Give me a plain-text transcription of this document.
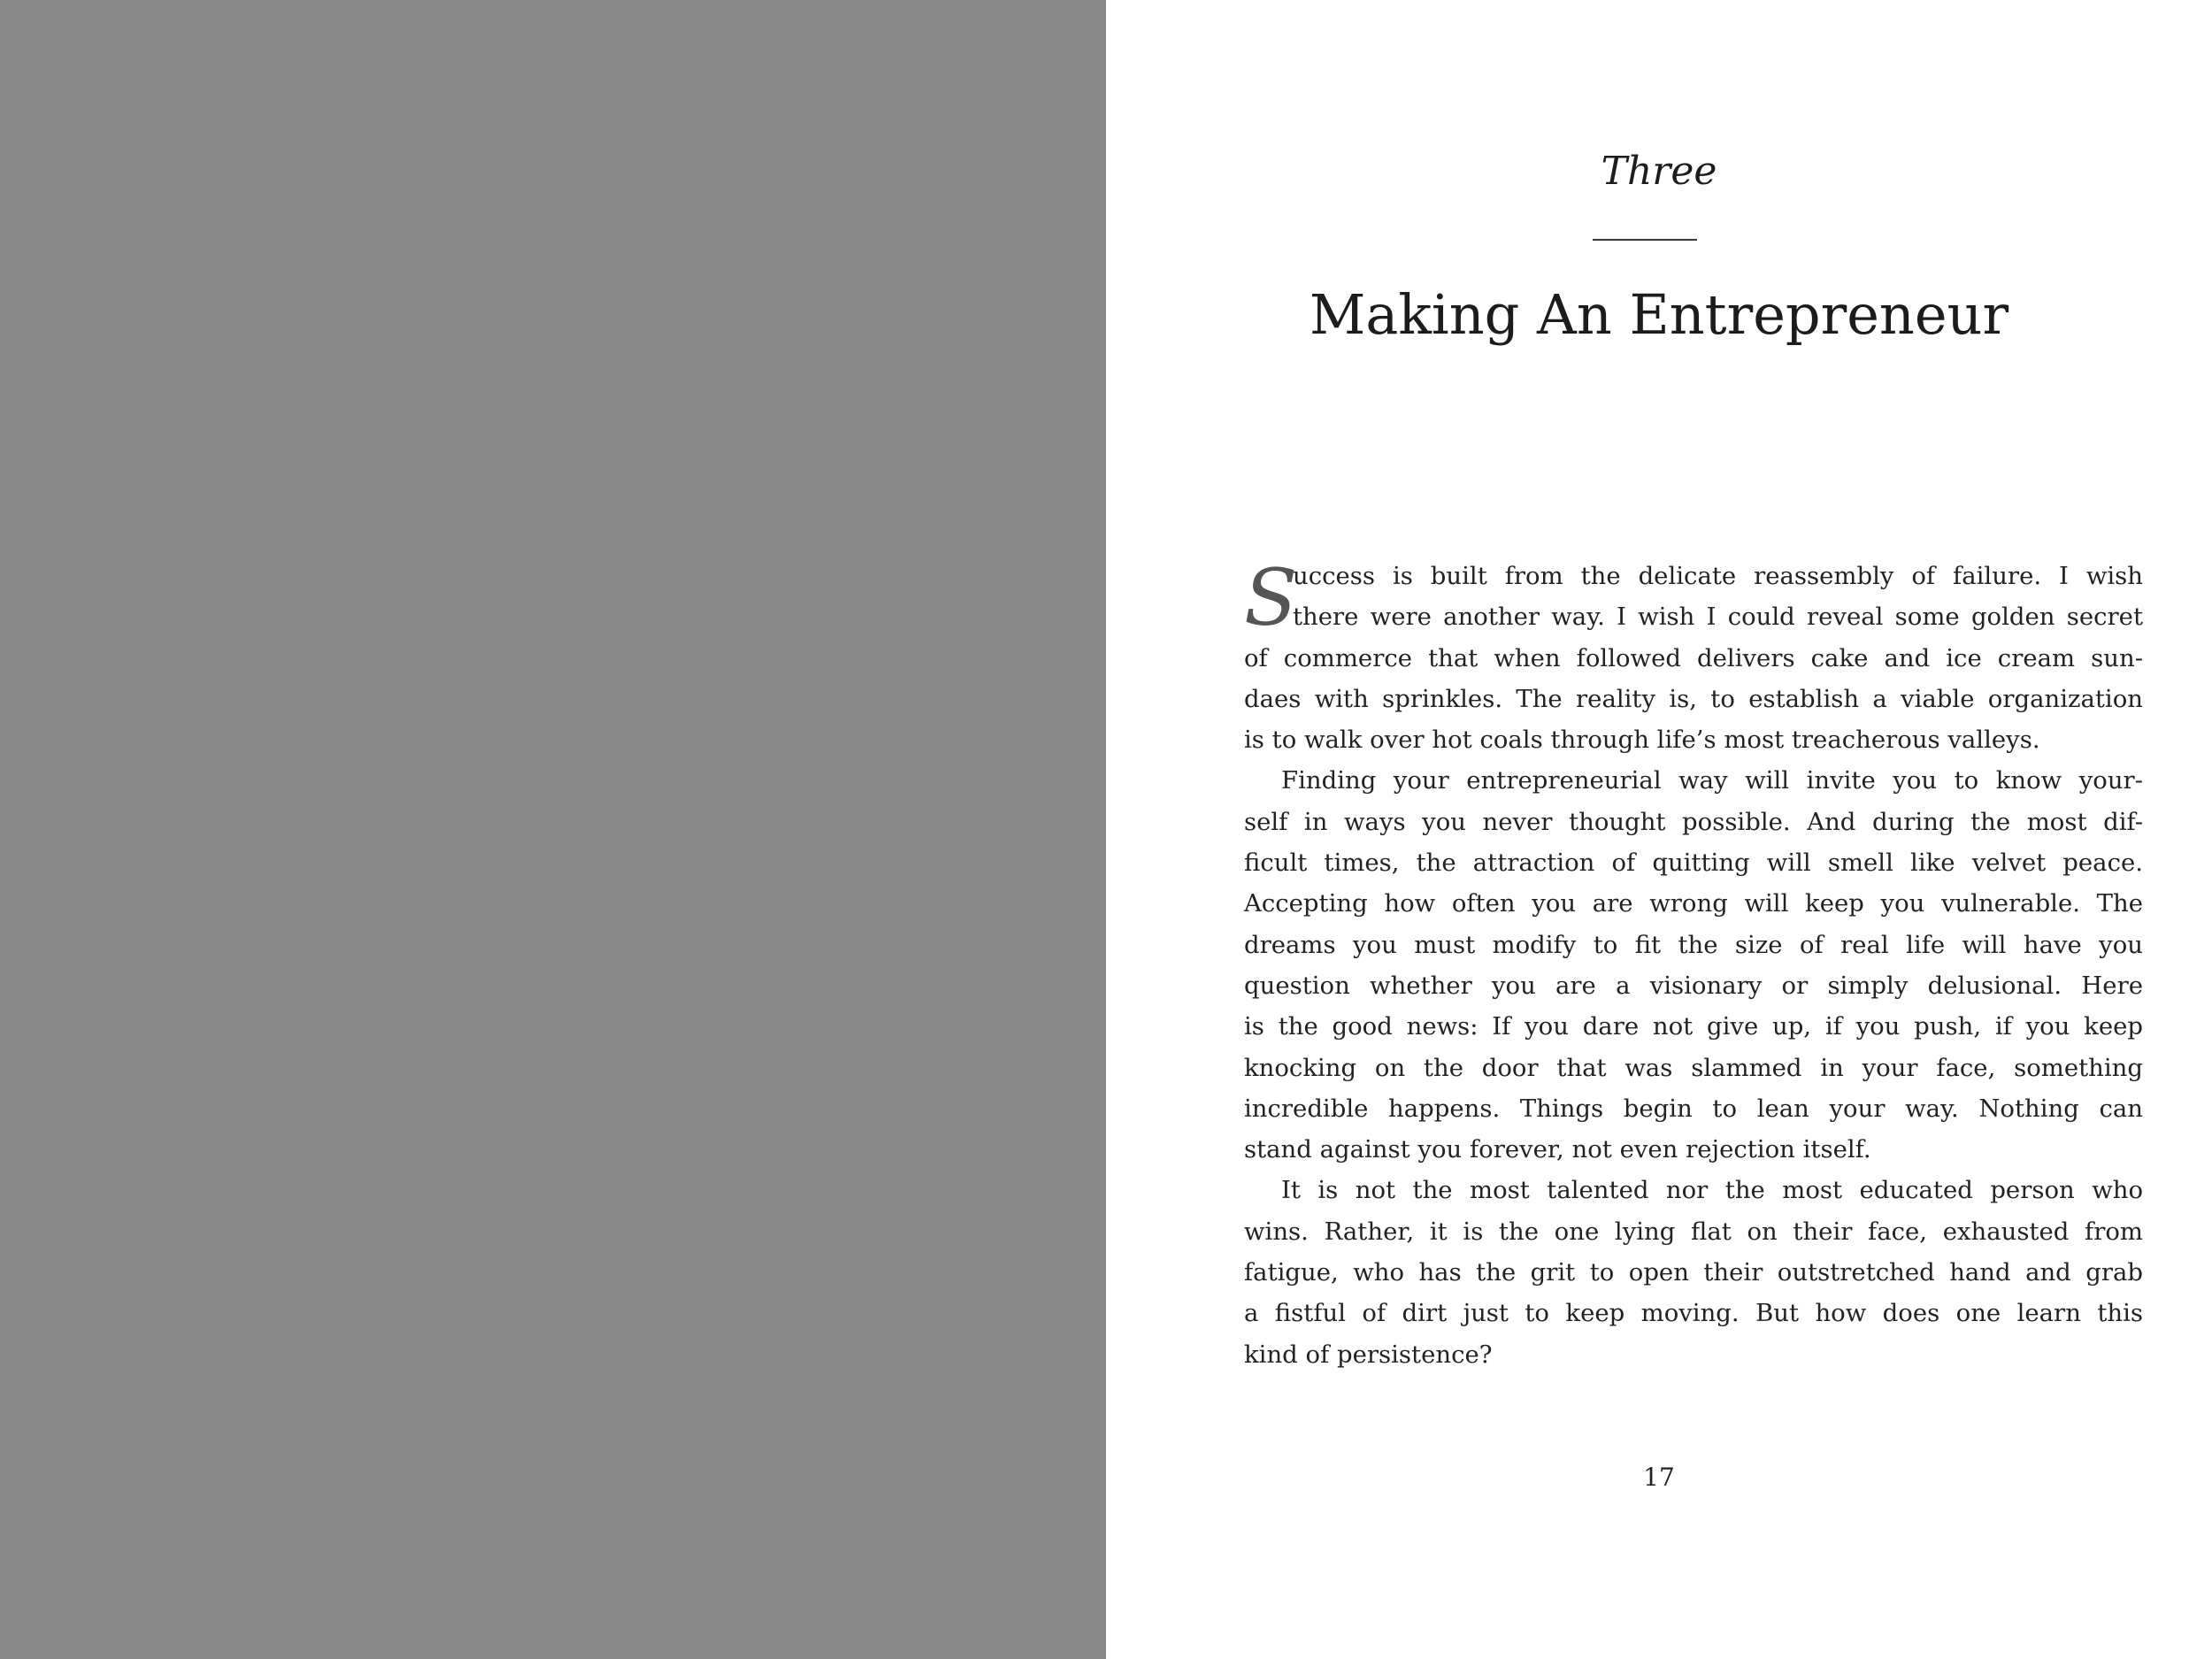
Three
Making An Entrepreneur
S
uccess is built from the delicate reassembly of failure. I wish
there were another way. I wish I could reveal some golden secret
of commerce that when followed delivers cake and ice cream sun-
daes with sprinkles. The reality is, to establish a viable organization
is to walk over hot coals through life’s most treacherous valleys.
Finding your entrepreneurial way will invite you to know your-
self in ways you never thought possible. And during the most dif-
ficult times, the attraction of quitting will smell like velvet peace.
Accepting how often you are wrong will keep you vulnerable. The
dreams you must modify to fit the size of real life will have you
question whether you are a visionary or simply delusional. Here
is the good news: If you dare not give up, if you push, if you keep
knocking on the door that was slammed in your face, something
incredible happens. Things begin to lean your way. Nothing can
stand against you forever, not even rejection itself.
It is not the most talented nor the most educated person who
wins. Rather, it is the one lying flat on their face, exhausted from
fatigue, who has the grit to open their outstretched hand and grab
a fistful of dirt just to keep moving. But how does one learn this
kind of persistence?
17
